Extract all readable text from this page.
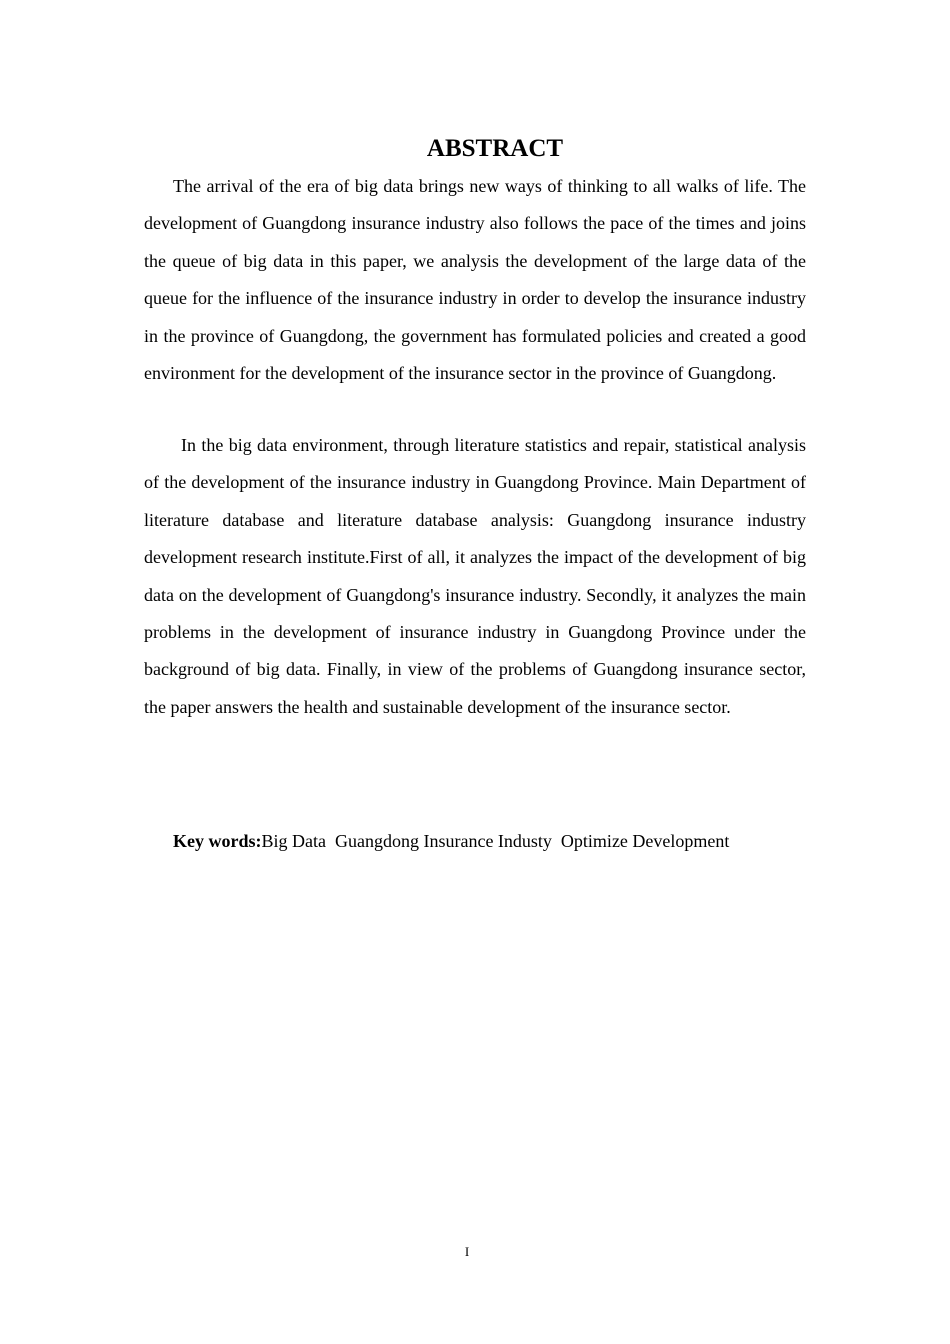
ABSTRACT

The arrival of the era of big data brings new ways of thinking to all walks of life. The development of Guangdong insurance industry also follows the pace of the times and joins the queue of big data in this paper, we analysis the development of the large data of the queue for the influence of the insurance industry in order to develop the insurance industry in the province of Guangdong, the government has formulated policies and created a good environment for the development of the insurance sector in the province of Guangdong.

In the big data environment, through literature statistics and repair, statistical analysis of the development of the insurance industry in Guangdong Province. Main Department of literature database and literature database analysis: Guangdong insurance industry development research institute.First of all, it analyzes the impact of the development of big data on the development of Guangdong's insurance industry. Secondly, it analyzes the main problems in the development of insurance industry in Guangdong Province under the background of big data. Finally, in view of the problems of Guangdong insurance sector, the paper answers the health and sustainable development of the insurance sector.

Key words:Big Data  Guangdong Insurance Industy  Optimize Development
I
